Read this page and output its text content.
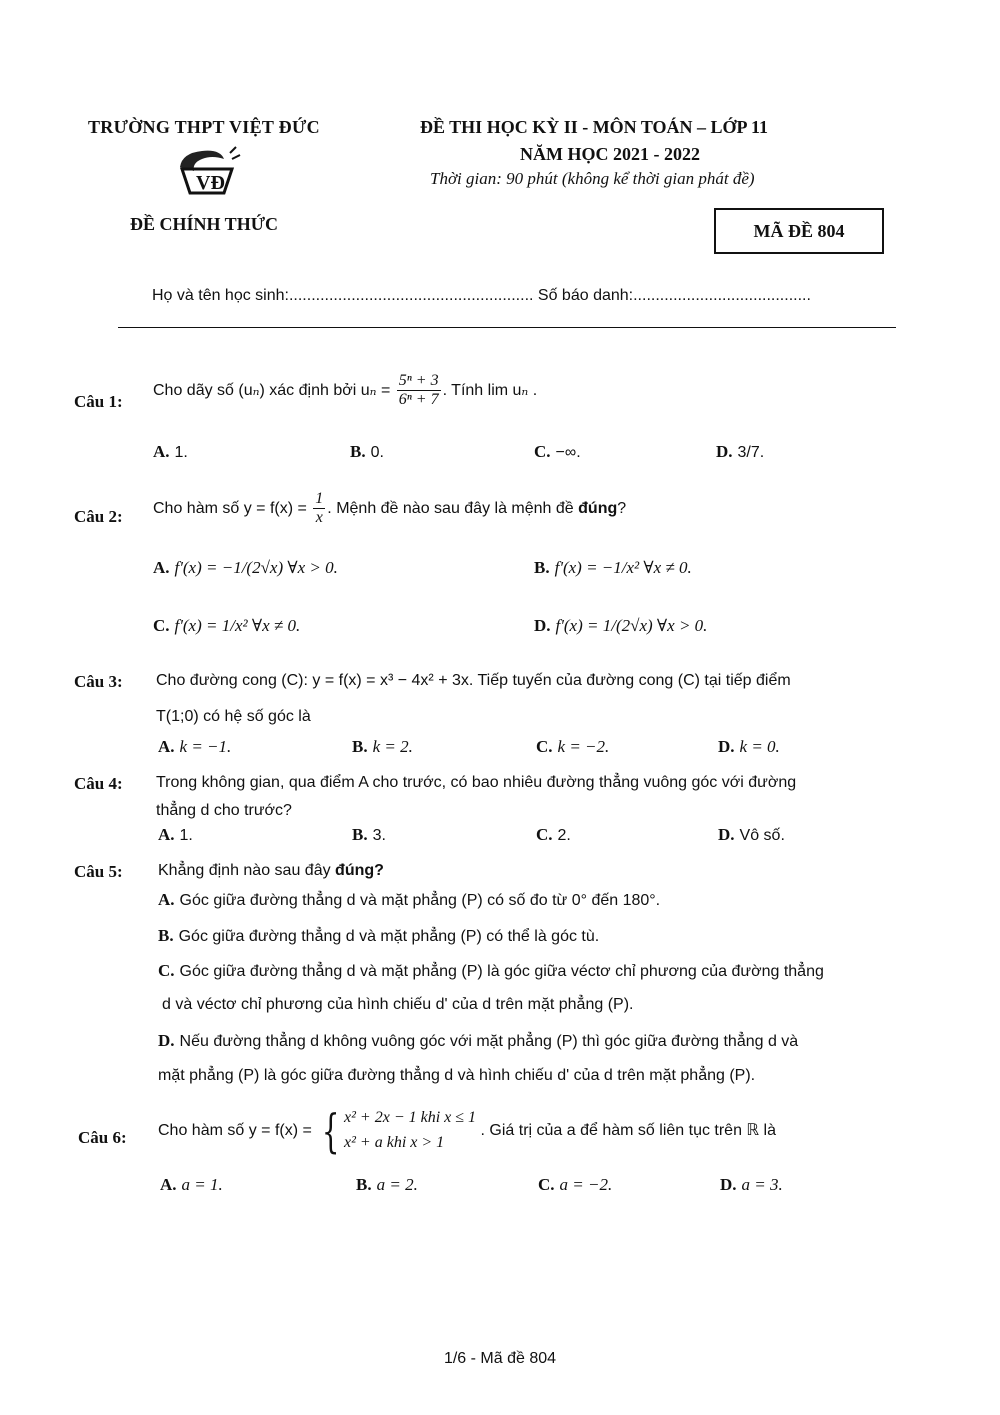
TRƯỜNG THPT VIỆT ĐỨC
VĐ
ĐỀ CHÍNH THỨC
ĐỀ THI HỌC KỲ II - MÔN TOÁN – LỚP 11
NĂM HỌC 2021 - 2022
Thời gian: 90 phút (không kể thời gian phát đề)
MÃ ĐỀ 804
Họ và tên học sinh:....................................................... Số báo danh:........................................
Câu 1:
Cho dãy số (uₙ) xác định bởi $u_n = \frac{\text{5ⁿ + 3}}{\text{6ⁿ + 7}}$ . Tính lim uₙ .
A. 1.	B. 0.	C. −∞.	D. 3/7.
Câu 2: Cho hàm số $y = f(x) = \frac{1}{x}$ . Mệnh đề nào sau đây là mệnh đề đúng?
A. f'(x) = −1/(2√x) ∀x > 0.	B. f'(x) = −1/x² ∀x ≠ 0.
C. f'(x) = 1/x² ∀x ≠ 0.	D. f'(x) = 1/(2√x) ∀x > 0.
Câu 3: Cho đường cong (C): y = f(x) = x³ − 4x² + 3x. Tiếp tuyến của đường cong (C) tại tiếp điểm
T(1;0) có hệ số góc là
A. k = −1.	B. k = 2.	C. k = −2.	D. k = 0.
Câu 4: Trong không gian, qua điểm A cho trước, có bao nhiêu đường thẳng vuông góc với đường
thẳng d cho trước?
A. 1.	B. 3.	C. 2.	D. Vô số.
Câu 5: Khẳng định nào sau đây đúng?
A. Góc giữa đường thẳng d và mặt phẳng (P) có số đo từ 0° đến 180°.
B. Góc giữa đường thẳng d và mặt phẳng (P) có thể là góc tù.
C. Góc giữa đường thẳng d và mặt phẳng (P) là góc giữa véctơ chỉ phương của đường thẳng
d và véctơ chỉ phương của hình chiếu d' của d trên mặt phẳng (P).
D. Nếu đường thẳng d không vuông góc với mặt phẳng (P) thì góc giữa đường thẳng d và
mặt phẳng (P) là góc giữa đường thẳng d và hình chiếu d' của d trên mặt phẳng (P).
Câu 6: Cho hàm số y = f(x) = { x² + 2x − 1 khi x ≤ 1
x² + a khi x > 1
. Giá trị của a để hàm số liên tục trên ℝ là
A. a = 1.	B. a = 2.	C. a = −2.	D. a = 3.
1/6 - Mã đề 804
